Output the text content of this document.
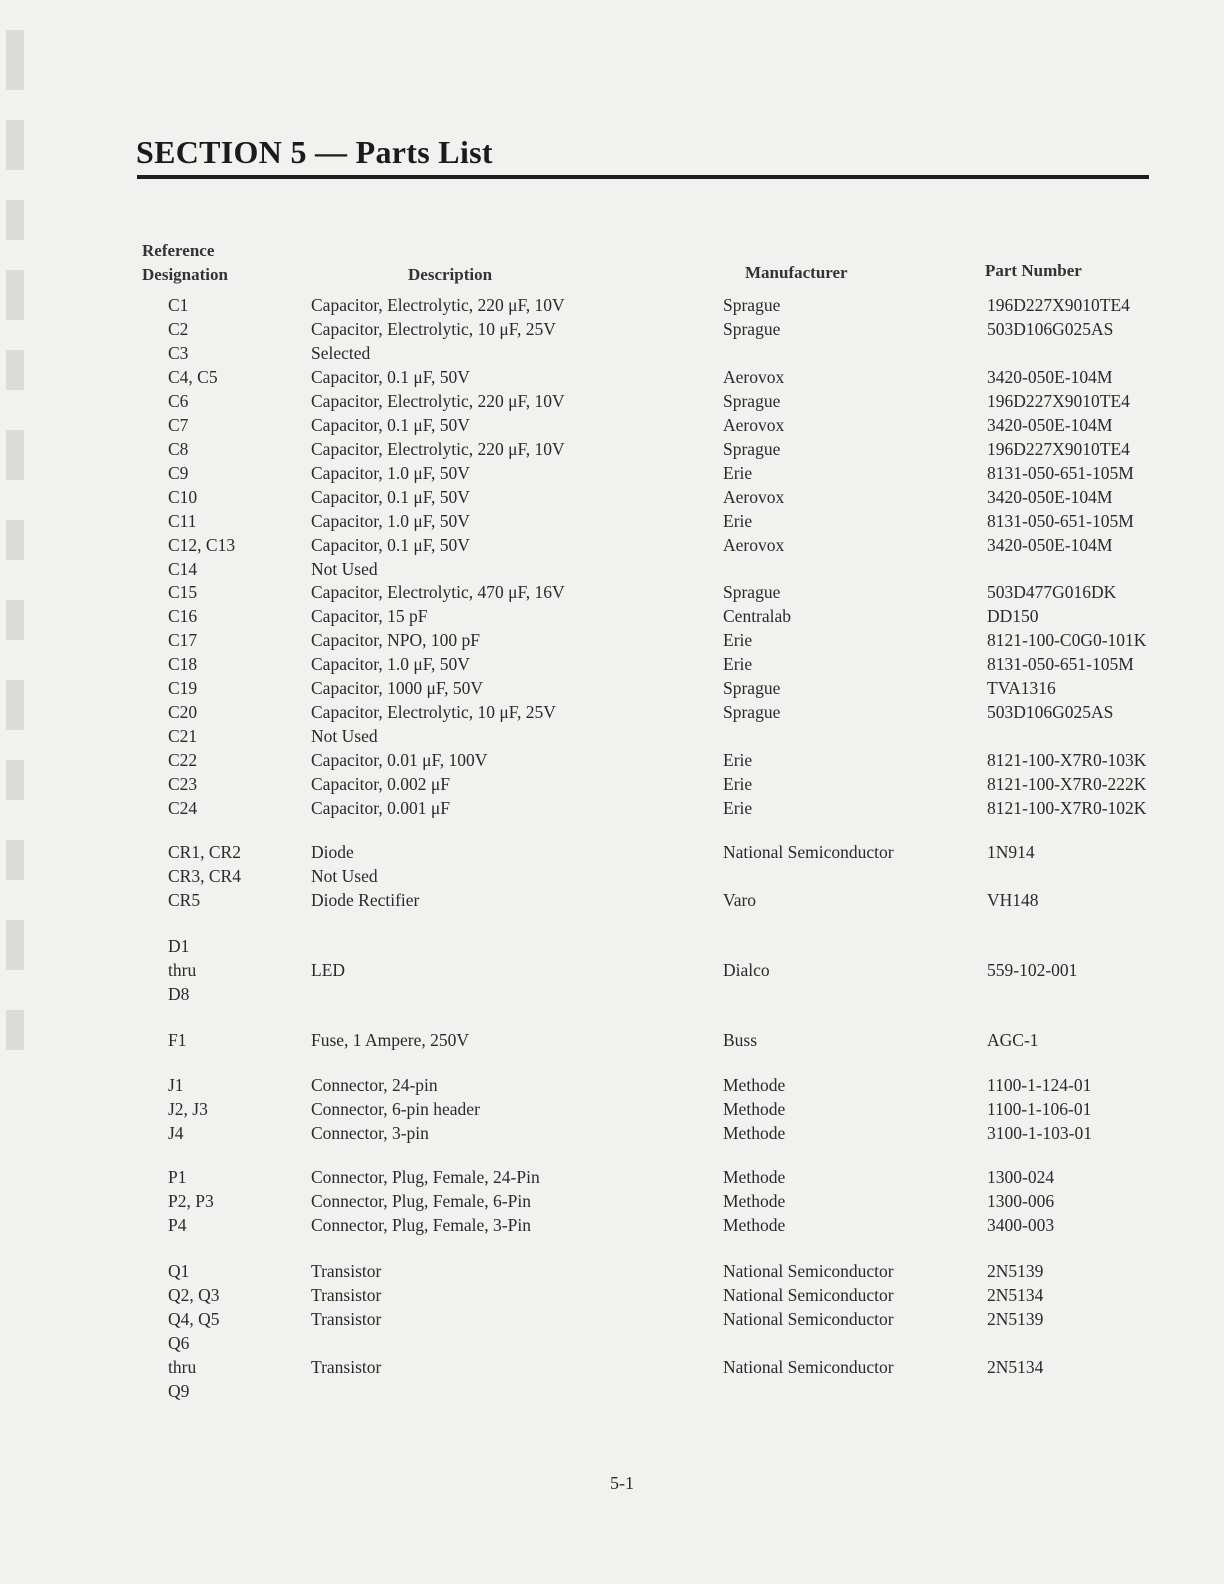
SECTION 5 — Parts List
Reference
Designation	Description	Manufacturer	Part Number
C1	Capacitor, Electrolytic, 220 μF, 10V	Sprague	196D227X9010TE4
C2	Capacitor, Electrolytic, 10 μF, 25V	Sprague	503D106G025AS
C3	Selected
C4, C5	Capacitor, 0.1 μF, 50V	Aerovox	3420-050E-104M
C6	Capacitor, Electrolytic, 220 μF, 10V	Sprague	196D227X9010TE4
C7	Capacitor, 0.1 μF, 50V	Aerovox	3420-050E-104M
C8	Capacitor, Electrolytic, 220 μF, 10V	Sprague	196D227X9010TE4
C9	Capacitor, 1.0 μF, 50V	Erie	8131-050-651-105M
C10	Capacitor, 0.1 μF, 50V	Aerovox	3420-050E-104M
C11	Capacitor, 1.0 μF, 50V	Erie	8131-050-651-105M
C12, C13	Capacitor, 0.1 μF, 50V	Aerovox	3420-050E-104M
C14	Not Used
C15	Capacitor, Electrolytic, 470 μF, 16V	Sprague	503D477G016DK
C16	Capacitor, 15 pF	Centralab	DD150
C17	Capacitor, NPO, 100 pF	Erie	8121-100-C0G0-101K
C18	Capacitor, 1.0 μF, 50V	Erie	8131-050-651-105M
C19	Capacitor, 1000 μF, 50V	Sprague	TVA1316
C20	Capacitor, Electrolytic, 10 μF, 25V	Sprague	503D106G025AS
C21	Not Used
C22	Capacitor, 0.01 μF, 100V	Erie	8121-100-X7R0-103K
C23	Capacitor, 0.002 μF	Erie	8121-100-X7R0-222K
C24	Capacitor, 0.001 μF	Erie	8121-100-X7R0-102K
CR1, CR2	Diode	National Semiconductor	1N914
CR3, CR4	Not Used
CR5	Diode Rectifier	Varo	VH148
D1
thru	LED	Dialco	559-102-001
D8
F1	Fuse, 1 Ampere, 250V	Buss	AGC-1
J1	Connector, 24-pin	Methode	1100-1-124-01
J2, J3	Connector, 6-pin header	Methode	1100-1-106-01
J4	Connector, 3-pin	Methode	3100-1-103-01
P1	Connector, Plug, Female, 24-Pin	Methode	1300-024
P2, P3	Connector, Plug, Female, 6-Pin	Methode	1300-006
P4	Connector, Plug, Female, 3-Pin	Methode	3400-003
Q1	Transistor	National Semiconductor	2N5139
Q2, Q3	Transistor	National Semiconductor	2N5134
Q4, Q5	Transistor	National Semiconductor	2N5139
Q6
thru	Transistor	National Semiconductor	2N5134
Q9
5-1
